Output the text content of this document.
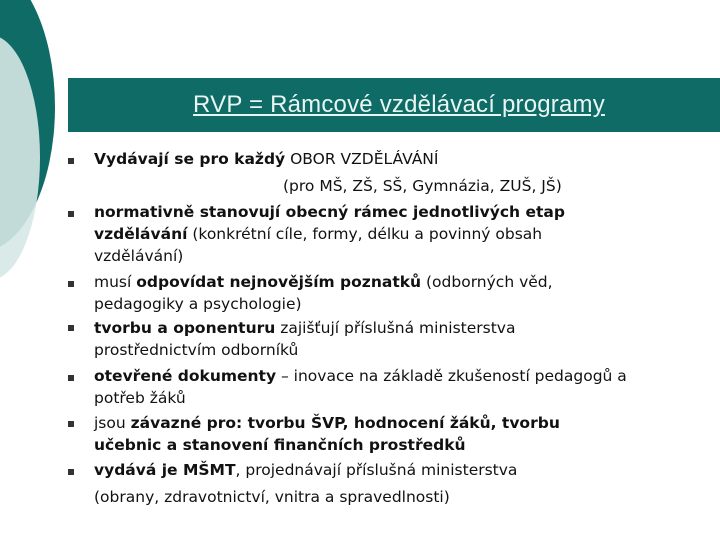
RVP = Rámcové vzdělávací programy
Vydávají se pro každý OBOR VZDĚLÁVÁNÍ
(pro MŠ, ZŠ, SŠ, Gymnázia, ZUŠ, JŠ)
normativně stanovují obecný rámec jednotlivých etap
vzdělávání (konkrétní cíle, formy, délku a povinný obsah
vzdělávání)
musí odpovídat nejnovějším poznatků (odborných věd,
pedagogiky a psychologie)
tvorbu a oponenturu zajišťují příslušná ministerstva
prostřednictvím odborníků
otevřené dokumenty – inovace na základě zkušeností pedagogů a
potřeb žáků
jsou závazné pro: tvorbu ŠVP, hodnocení žáků, tvorbu
učebnic a stanovení finančních prostředků
vydává je MŠMT, projednávají příslušná ministerstva
(obrany, zdravotnictví, vnitra a spravedlnosti)
